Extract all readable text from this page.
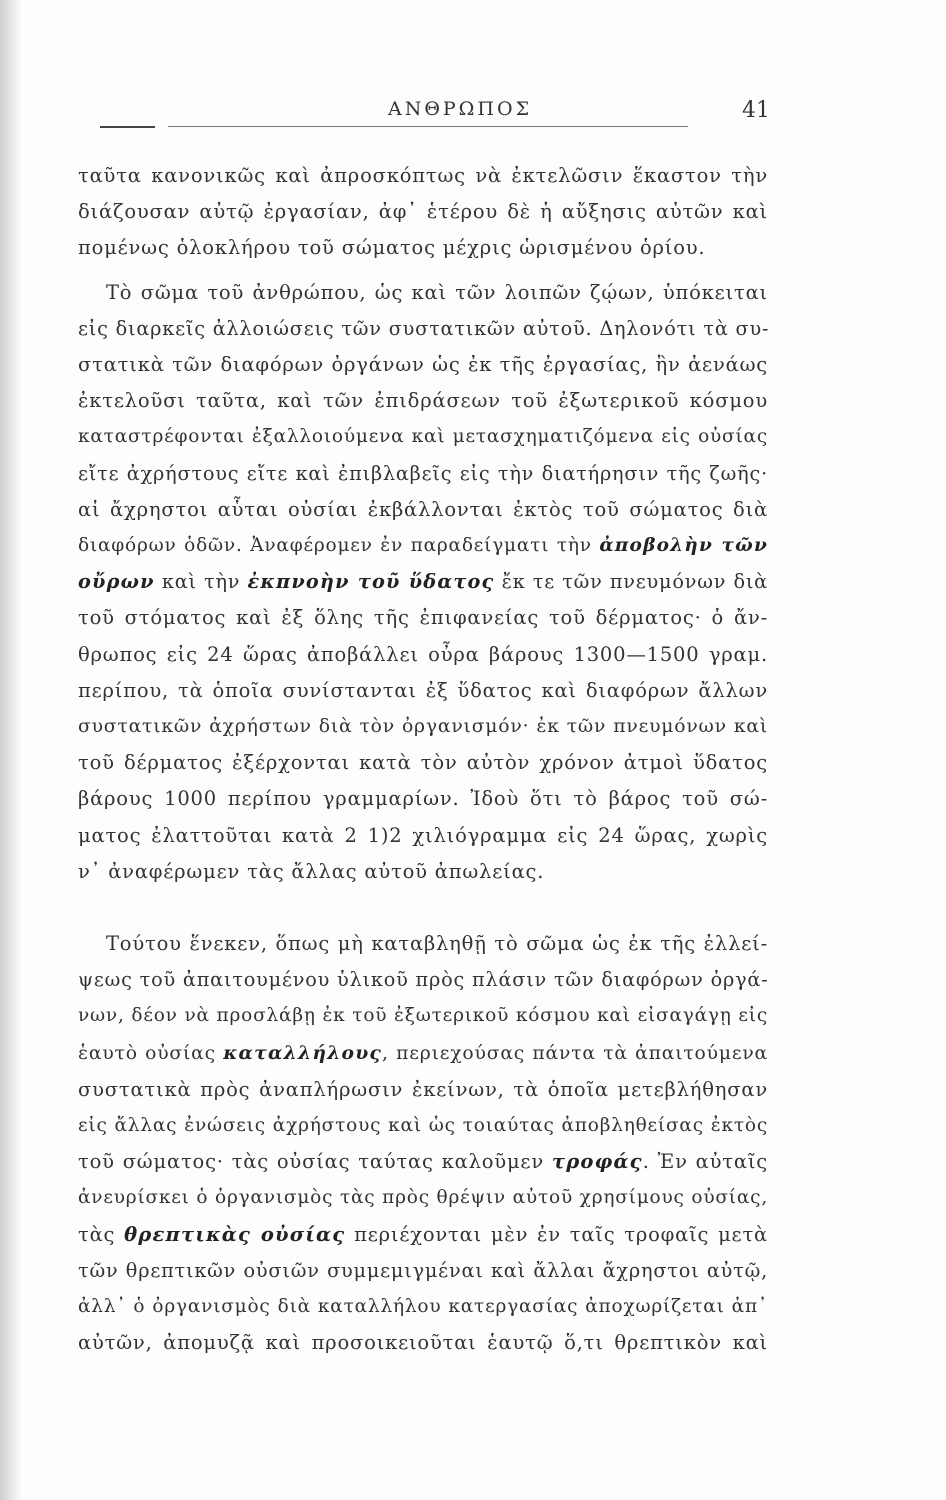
ΑΝΘΡΩΠΟΣ	41

ταῦτα κανονικῶς καὶ ἀπροσκόπτως νὰ ἐκτελῶσιν ἕκαστον τὴν
διάζουσαν αὐτῷ ἐργασίαν, ἀφ᾽ ἑτέρου δὲ ἡ αὔξησις αὐτῶν καὶ
πομένως ὁλοκλήρου τοῦ σώματος μέχρις ὡρισμένου ὁρίου.

Τὸ σῶμα τοῦ ἀνθρώπου, ὡς καὶ τῶν λοιπῶν ζῴων, ὑπόκειται
εἰς διαρκεῖς ἀλλοιώσεις τῶν συστατικῶν αὐτοῦ. Δηλονότι τὰ συ-
στατικὰ τῶν διαφόρων ὀργάνων ὡς ἐκ τῆς ἐργασίας, ἣν ἀενάως
ἐκτελοῦσι ταῦτα, καὶ τῶν ἐπιδράσεων τοῦ ἐξωτερικοῦ κόσμου
καταστρέφονται ἐξαλλοιούμενα καὶ μετασχηματιζόμενα εἰς οὐσίας
εἴτε ἀχρήστους εἴτε καὶ ἐπιβλαβεῖς εἰς τὴν διατήρησιν τῆς ζωῆς·
αἱ ἄχρηστοι αὗται οὐσίαι ἐκβάλλονται ἐκτὸς τοῦ σώματος διὰ
διαφόρων ὁδῶν. Ἀναφέρομεν ἐν παραδείγματι τὴν ἀποβολὴν τῶν
οὔρων καὶ τὴν ἐκπνοὴν τοῦ ὕδατος ἔκ τε τῶν πνευμόνων διὰ
τοῦ στόματος καὶ ἐξ ὅλης τῆς ἐπιφανείας τοῦ δέρματος· ὁ ἄν-
θρωπος εἰς 24 ὥρας ἀποβάλλει οὖρα βάρους 1300—1500 γραμ.
περίπου, τὰ ὁποῖα συνίστανται ἐξ ὕδατος καὶ διαφόρων ἄλλων
συστατικῶν ἀχρήστων διὰ τὸν ὀργανισμόν· ἐκ τῶν πνευμόνων καὶ
τοῦ δέρματος ἐξέρχονται κατὰ τὸν αὐτὸν χρόνον ἀτμοὶ ὕδατος
βάρους 1000 περίπου γραμμαρίων. Ἰδοὺ ὅτι τὸ βάρος τοῦ σώ-
ματος ἐλαττοῦται κατὰ 2 1)2 χιλιόγραμμα εἰς 24 ὥρας, χωρὶς
ν᾽ ἀναφέρωμεν τὰς ἄλλας αὐτοῦ ἀπωλείας.

Τούτου ἕνεκεν, ὅπως μὴ καταβληθῇ τὸ σῶμα ὡς ἐκ τῆς ἐλλεί-
ψεως τοῦ ἀπαιτουμένου ὑλικοῦ πρὸς πλάσιν τῶν διαφόρων ὀργά-
νων, δέον νὰ προσλάβῃ ἐκ τοῦ ἐξωτερικοῦ κόσμου καὶ εἰσαγάγῃ εἰς
ἑαυτὸ οὐσίας καταλλήλους, περιεχούσας πάντα τὰ ἀπαιτούμενα
συστατικὰ πρὸς ἀναπλήρωσιν ἐκείνων, τὰ ὁποῖα μετεβλήθησαν
εἰς ἄλλας ἐνώσεις ἀχρήστους καὶ ὡς τοιαύτας ἀποβληθείσας ἐκτὸς
τοῦ σώματος· τὰς οὐσίας ταύτας καλοῦμεν τροφάς. Ἐν αὐταῖς
ἀνευρίσκει ὁ ὀργανισμὸς τὰς πρὸς θρέψιν αὐτοῦ χρησίμους οὐσίας,
τὰς θρεπτικὰς οὐσίας περιέχονται μὲν ἐν ταῖς τροφαῖς μετὰ
τῶν θρεπτικῶν οὐσιῶν συμμεμιγμέναι καὶ ἄλλαι ἄχρηστοι αὐτῷ,
ἀλλ᾽ ὁ ὀργανισμὸς διὰ καταλλήλου κατεργασίας ἀποχωρίζεται ἀπ᾽
αὐτῶν, ἀπομυζᾷ καὶ προσοικειοῦται ἑαυτῷ ὅ,τι θρεπτικὸν καὶ
